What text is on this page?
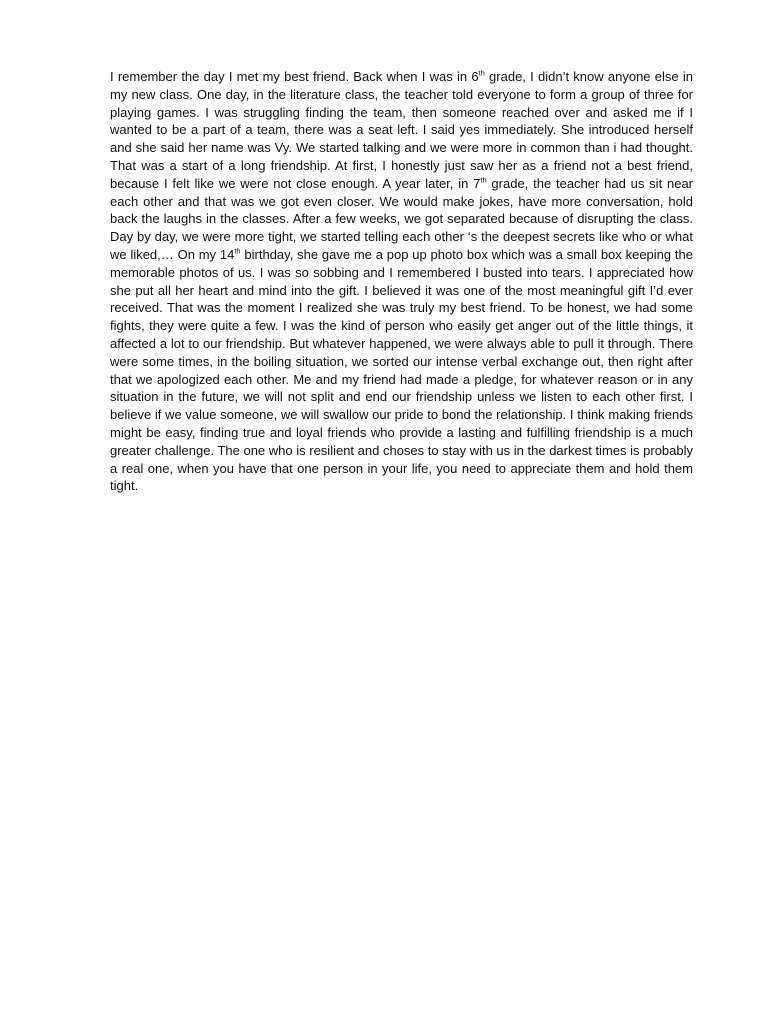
I remember the day I met my best friend. Back when I was in 6th grade, I didn’t know anyone else in my new class. One day, in the literature class, the teacher told everyone to form a group of three for playing games. I was struggling finding the team, then someone reached over and asked me if I wanted to be a part of a team, there was a seat left. I said yes immediately. She introduced herself and she said her name was Vy. We started talking and we were more in common than i had thought. That was a start of a long friendship. At first, I honestly just saw her as a friend not a best friend, because I felt like we were not close enough. A year later, in 7th grade, the teacher had us sit near each other and that was we got even closer. We would make jokes, have more conversation, hold back the laughs in the classes. After a few weeks, we got separated because of disrupting the class. Day by day, we were more tight, we started telling each other ‘s the deepest secrets like who or what we liked,… On my 14th birthday, she gave me a pop up photo box which was a small box keeping the memorable photos of us. I was so sobbing and I remembered I busted into tears. I appreciated how she put all her heart and mind into the gift. I believed it was one of the most meaningful gift I’d ever received. That was the moment I realized she was truly my best friend. To be honest, we had some fights, they were quite a few. I was the kind of person who easily get anger out of the little things, it affected a lot to our friendship. But whatever happened, we were always able to pull it through. There were some times, in the boiling situation, we sorted our intense verbal exchange out, then right after that we apologized each other. Me and my friend had made a pledge, for whatever reason or in any situation in the future, we will not split and end our friendship unless we listen to each other first. I believe if we value someone, we will swallow our pride to bond the relationship. I think making friends might be easy, finding true and loyal friends who provide a lasting and fulfilling friendship is a much greater challenge. The one who is resilient and choses to stay with us in the darkest times is probably a real one, when you have that one person in your life, you need to appreciate them and hold them tight.
